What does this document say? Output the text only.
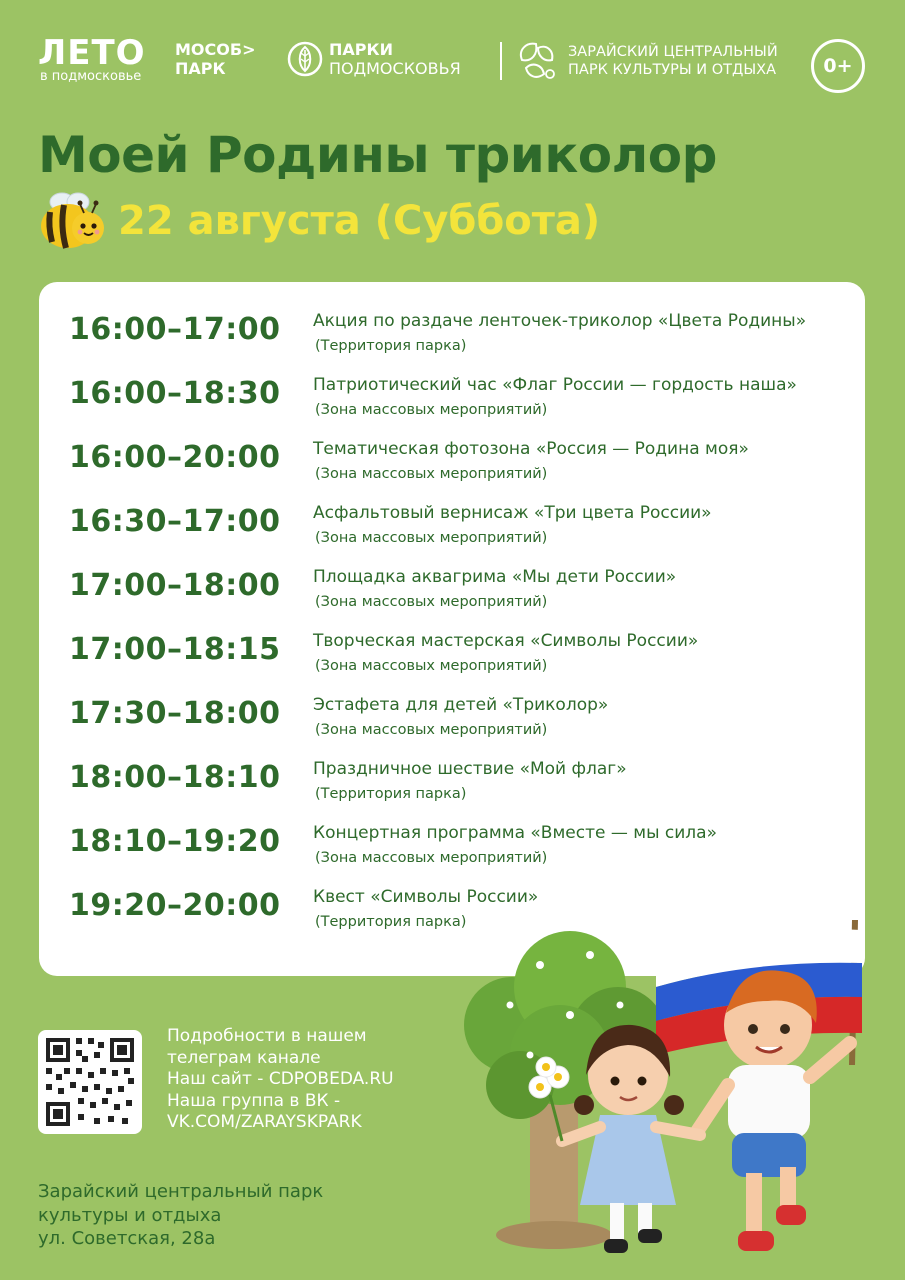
ЛЕТО
в подмосковье
МОСОБ>
ПАРК
ПАРКИ
ПОДМОСКОВЬЯ
ЗАРАЙСКИЙ ЦЕНТРАЛЬНЫЙ
ПАРК КУЛЬТУРЫ И ОТДЫХА	0+
Моей Родины триколор
22 августа (Суббота)
16:00–17:00 Акция по раздаче ленточек-триколор «Цвета Родины»
(Территория парка)
16:00–18:30 Патриотический час «Флаг России — гордость наша»
(Зона массовых мероприятий)
16:00–20:00 Тематическая фотозона «Россия — Родина моя»
(Зона массовых мероприятий)
16:30–17:00 Асфальтовый вернисаж «Три цвета России»
(Зона массовых мероприятий)
17:00–18:00 Площадка аквагрима «Мы дети России»
(Зона массовых мероприятий)
17:00–18:15 Творческая мастерская «Символы России»
(Зона массовых мероприятий)
17:30–18:00 Эстафета для детей «Триколор»
(Зона массовых мероприятий)
18:00–18:10 Праздничное шествие «Мой флаг»
(Территория парка)
18:10–19:20 Концертная программа «Вместе — мы сила»
(Зона массовых мероприятий)
19:20–20:00 Квест «Символы России»
(Территория парка)
Подробности в нашем
телеграм канале
Наш сайт - CDPOBEDA.RU
Наша группа в ВК -
VK.COM/ZARAYSKPARK
Зарайский центральный парк
культуры и отдыха
ул. Советская, 28а
